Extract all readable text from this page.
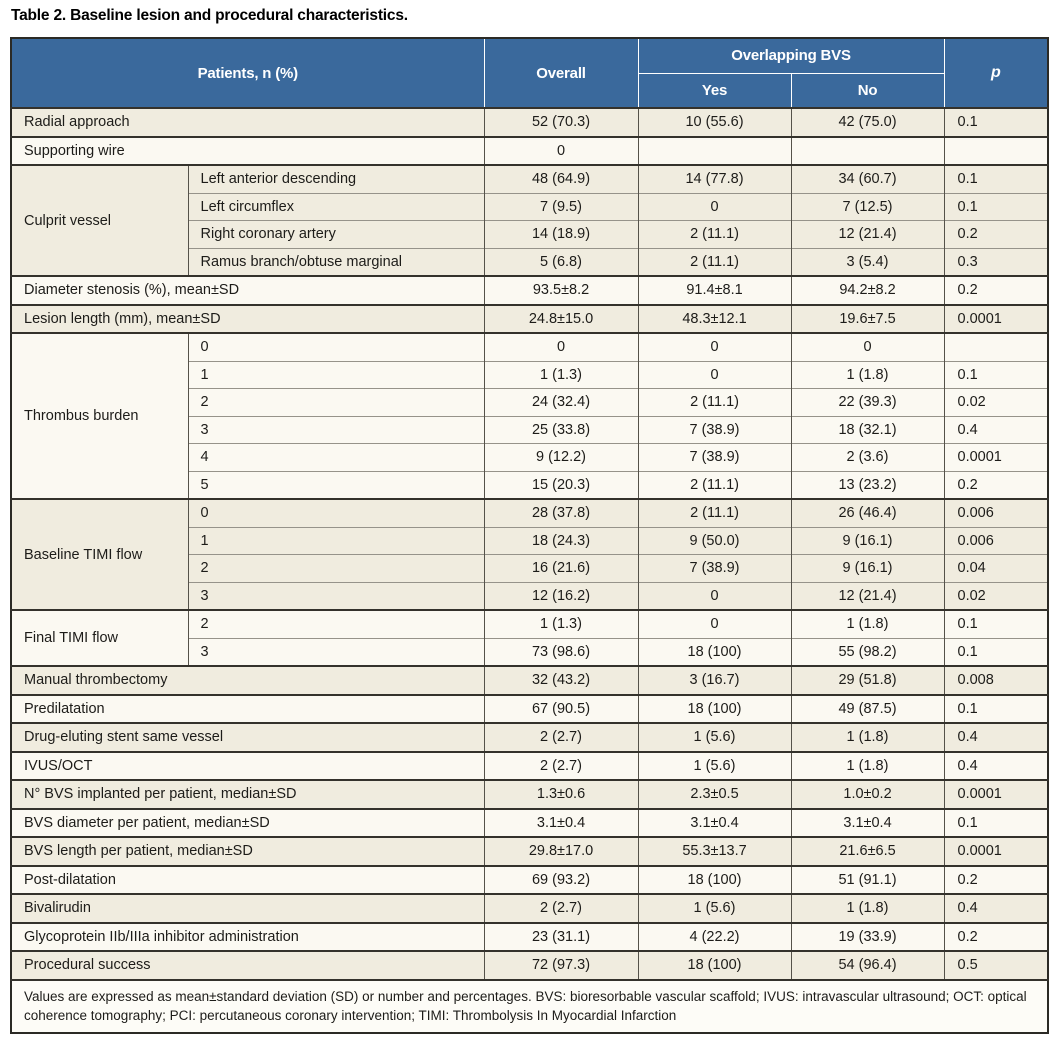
Table 2. Baseline lesion and procedural characteristics.
Patients, n (%)		Overall	Overlapping BVS		p
			Yes	No	
Radial approach		52 (70.3)	10 (55.6)	42 (75.0)	0.1
Supporting wire		0			
Culprit vessel	Left anterior descending	48 (64.9)	14 (77.8)	34 (60.7)	0.1
	Left circumflex	7 (9.5)	0	7 (12.5)	0.1
	Right coronary artery	14 (18.9)	2 (11.1)	12 (21.4)	0.2
	Ramus branch/obtuse marginal	5 (6.8)	2 (11.1)	3 (5.4)	0.3
Diameter stenosis (%), mean±SD		93.5±8.2	91.4±8.1	94.2±8.2	0.2
Lesion length (mm), mean±SD		24.8±15.0	48.3±12.1	19.6±7.5	0.0001
Thrombus burden	0	0	0	0	
	1	1 (1.3)	0	1 (1.8)	0.1
	2	24 (32.4)	2 (11.1)	22 (39.3)	0.02
	3	25 (33.8)	7 (38.9)	18 (32.1)	0.4
	4	9 (12.2)	7 (38.9)	2 (3.6)	0.0001
	5	15 (20.3)	2 (11.1)	13 (23.2)	0.2
Baseline TIMI flow	0	28 (37.8)	2 (11.1)	26 (46.4)	0.006
	1	18 (24.3)	9 (50.0)	9 (16.1)	0.006
	2	16 (21.6)	7 (38.9)	9 (16.1)	0.04
	3	12 (16.2)	0	12 (21.4)	0.02
Final TIMI flow	2	1 (1.3)	0	1 (1.8)	0.1
	3	73 (98.6)	18 (100)	55 (98.2)	0.1
Manual thrombectomy		32 (43.2)	3 (16.7)	29 (51.8)	0.008
Predilatation		67 (90.5)	18 (100)	49 (87.5)	0.1
Drug-eluting stent same vessel		2 (2.7)	1 (5.6)	1 (1.8)	0.4
IVUS/OCT		2 (2.7)	1 (5.6)	1 (1.8)	0.4
N° BVS implanted per patient, median±SD		1.3±0.6	2.3±0.5	1.0±0.2	0.0001
BVS diameter per patient, median±SD		3.1±0.4	3.1±0.4	3.1±0.4	0.1
BVS length per patient, median±SD		29.8±17.0	55.3±13.7	21.6±6.5	0.0001
Post-dilatation		69 (93.2)	18 (100)	51 (91.1)	0.2
Bivalirudin		2 (2.7)	1 (5.6)	1 (1.8)	0.4
Glycoprotein IIb/IIIa inhibitor administration		23 (31.1)	4 (22.2)	19 (33.9)	0.2
Procedural success		72 (97.3)	18 (100)	54 (96.4)	0.5
Values are expressed as mean±standard deviation (SD) or number and percentages. BVS: bioresorbable vascular scaffold; IVUS: intravascular ultrasound; OCT: optical coherence tomography; PCI: percutaneous coronary intervention; TIMI: Thrombolysis In Myocardial Infarction					
